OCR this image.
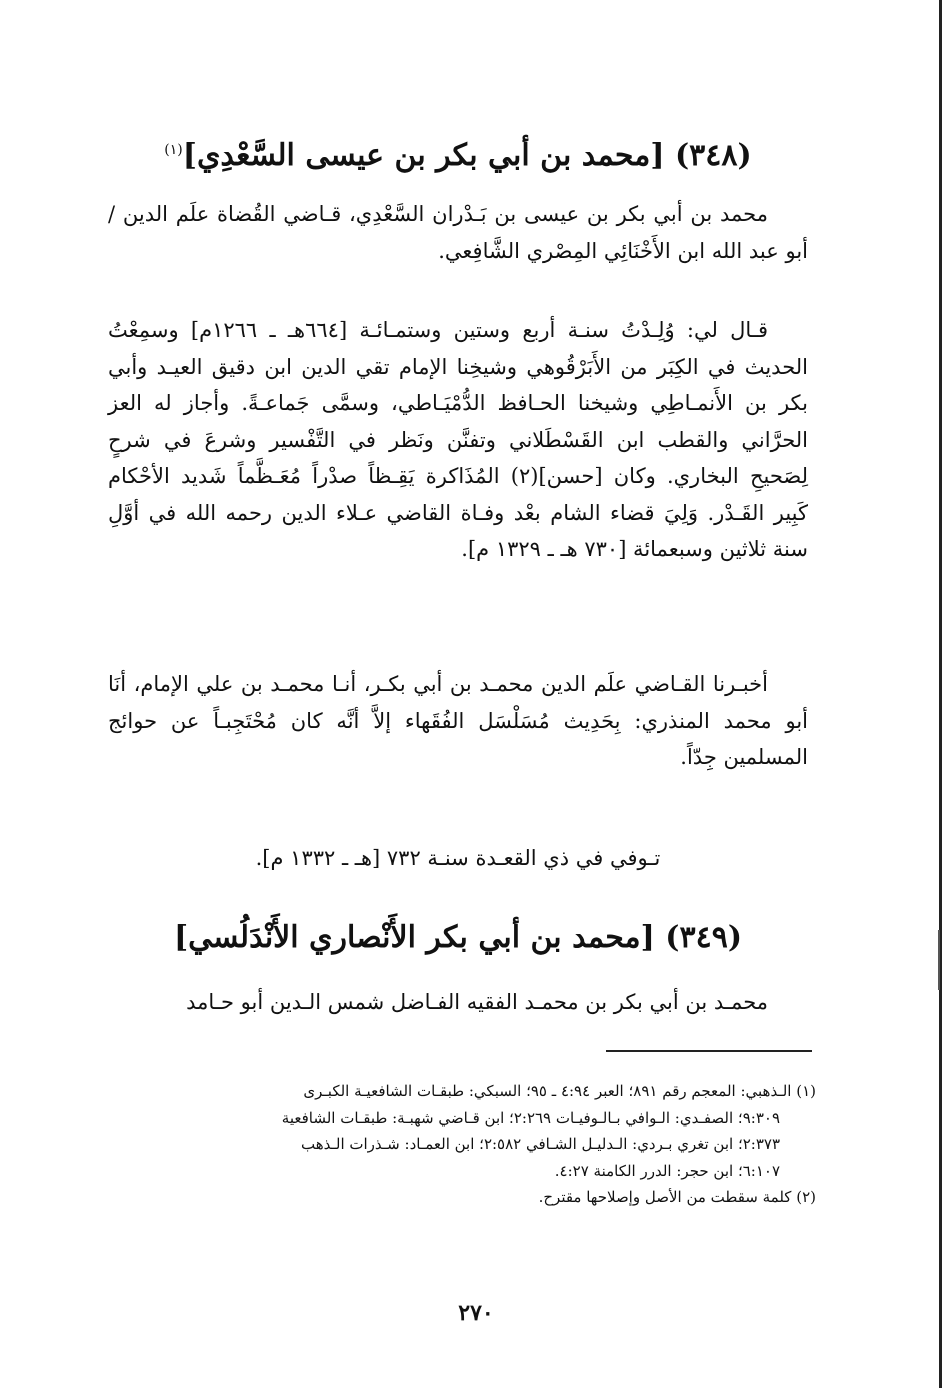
(٣٤٨) [محمد بن أبي بكر بن عيسى السَّعْدِي]$^{(١)}$

محمد بن أبي بكر بن عيسى بن بَـدْران السَّعْدِي، قـاضي القُضاة علَم الدين / أبو عبد الله ابن الأَخْنَائِي المِصْري الشَّافِعي.

قـال لي: وُلِـدْتُ سنـة أربع وستين وستمـائـة [٦٦٤هـ ـ ١٢٦٦م] وسمِعْتُ الحديث في الكِبَر من الأَبَرْقُوهي وشيخِنا الإمام تقي الدين ابن دقيق العيـد وأبي بكر بن الأَنمـاطِي وشيخنا الحـافظ الدُّمْيَـاطي، وسمَّى جَماعـةً. وأجاز له العز الحرَّاني والقطب ابن القَسْطَلاني وتفنَّن ونَظر في التَّفْسير وشرعَ في شرحٍ لِصَحيحِ البخاري. وكان [حسن](٢) المُذَاكرة يَقِـظاً صدْراً مُعَـظَّماً شَديد الأحْكام كَبِير القَـدْر. وَلِيَ قضاء الشام بعْد وفـاة القاضي عـلاء الدين رحمه الله في أوَّلِ سنة ثلاثين وسبعمائة [٧٣٠ هـ ـ ١٣٢٩ م].

أخبـرنا القـاضي علَم الدين محمـد بن أبي بكـر، أنـا محمـد بن علي الإمام، أنَا أبو محمد المنذري: بِحَدِيث مُسَلْسَل الفُقَهاء إلاَّ أنَّه كان مُحْتَجِبـاً عن حوائج المسلمين جِدّاً.

تـوفي في ذي القعـدة سنـة ٧٣٢ [هـ ـ ١٣٣٢ م].

(٣٤٩) [محمد بن أبي بكر الأَنْصاري الأَنْدَلُسي]

محمـد بن أبي بكر بن محمـد الفقيه الفـاضل شمس الـدين أبو حـامد

(١) الـذهبي: المعجم رقم ٨٩١؛ العبر ٤:٩٤ ـ ٩٥؛ السبكي: طبقـات الشافعيـة الكبـرى

٩:٣٠٩؛ الصفـدي: الـوافي بـالـوفيـات ٢:٢٦٩؛ ابن قـاضي شهبـة: طبقـات الشافعية

٢:٣٧٣؛ ابن تغري بـردي: الـدليـل الشـافي ٢:٥٨٢؛ ابن العمـاد: شـذرات الـذهب

٦:١٠٧؛ ابن حجر: الدرر الكامنة ٤:٢٧.

(٢) كلمة سقطت من الأصل وإصلاحها مقترح.

٢٧٠
